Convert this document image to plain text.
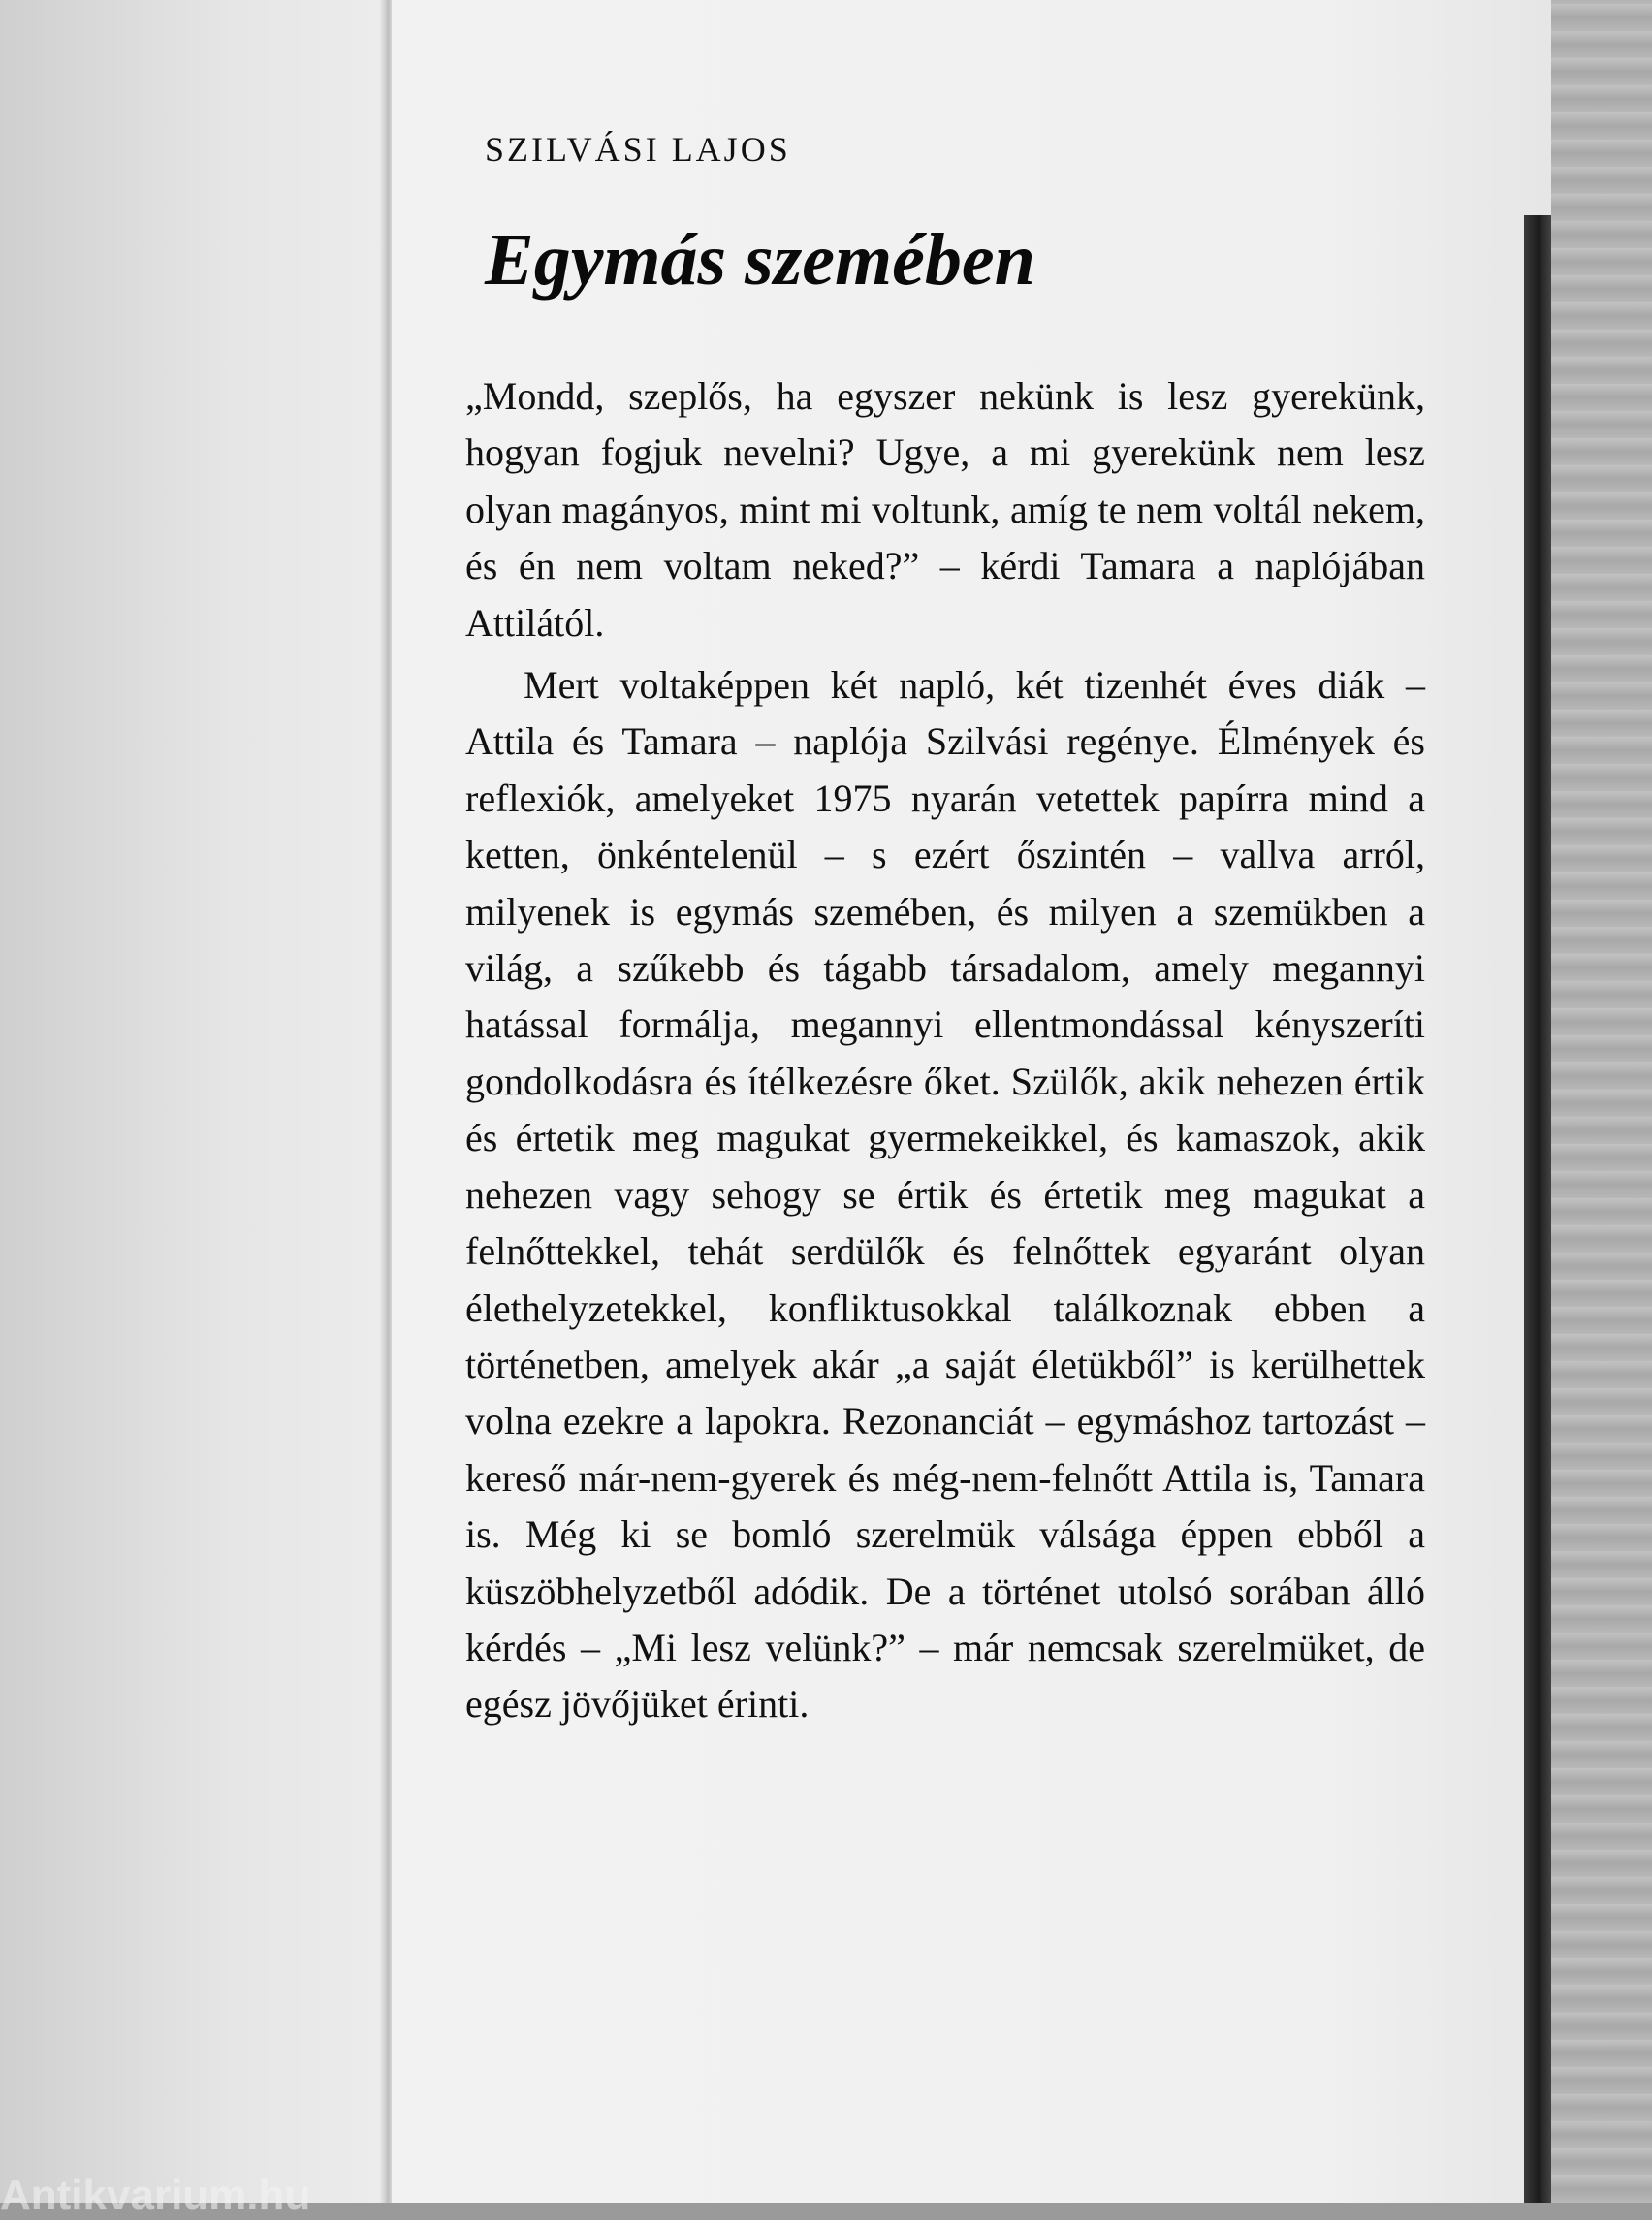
SZILVÁSI LAJOS
Egymás szemében

„Mondd, szeplős, ha egyszer nekünk is lesz gyerekünk, hogyan fogjuk nevelni? Ugye, a mi gyerekünk nem lesz olyan magányos, mint mi voltunk, amíg te nem voltál nekem, és én nem voltam neked?” – kérdi Tamara a naplójában Attilától.

Mert voltaképpen két napló, két tizenhét éves diák – Attila és Tamara – naplója Szilvási regénye. Élmények és reflexiók, amelyeket 1975 nyarán vetettek papírra mind a ketten, önkéntelenül – s ezért őszintén – vallva arról, milyenek is egymás szemében, és milyen a szemükben a világ, a szűkebb és tágabb társadalom, amely megannyi hatással formálja, megannyi ellentmondással kényszeríti gondolkodásra és ítélkezésre őket. Szülők, akik nehezen értik és értetik meg magukat gyermekeikkel, és kamaszok, akik nehezen vagy sehogy se értik és értetik meg magukat a felnőttekkel, tehát serdülők és felnőttek egyaránt olyan élethelyzetekkel, konfliktusokkal találkoznak ebben a történetben, amelyek akár „a saját életükből” is kerülhettek volna ezekre a lapokra. Rezonanciát – egymáshoz tartozást – kereső már-nem-gyerek és még-nem-felnőtt Attila is, Tamara is. Még ki se bomló szerelmük válsága éppen ebből a küszöbhelyzetből adódik. De a történet utolsó sorában álló kérdés – „Mi lesz velünk?” – már nemcsak szerelmüket, de egész jövőjüket érinti.

Antikvarium.hu
